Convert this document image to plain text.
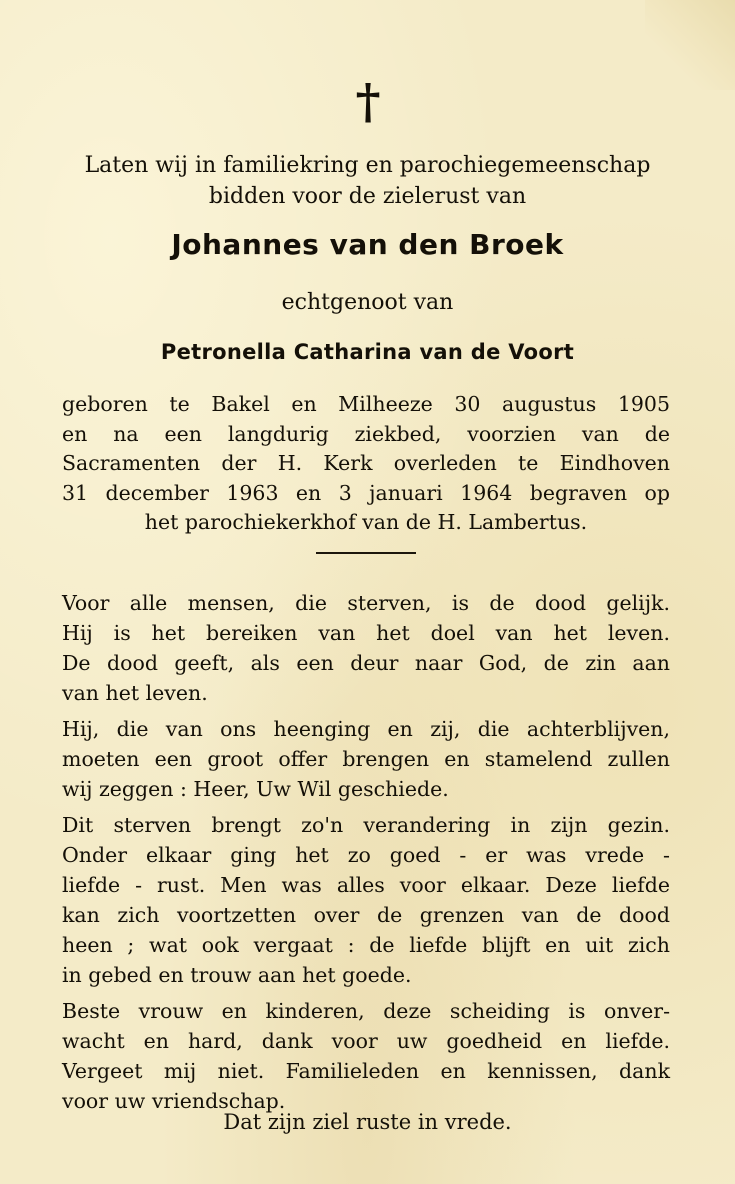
†
Laten wij in familiekring en parochiegemeenschap
bidden voor de zielerust van
Johannes van den Broek
echtgenoot van
Petronella Catharina van de Voort
geboren te Bakel en Milheeze 30 augustus 1905
en na een langdurig ziekbed, voorzien van de
Sacramenten der H. Kerk overleden te Eindhoven
31 december 1963 en 3 januari 1964 begraven op
het parochiekerkhof van de H. Lambertus.
Voor alle mensen, die sterven, is de dood gelijk.
Hij is het bereiken van het doel van het leven.
De dood geeft, als een deur naar God, de zin aan
van het leven.
Hij, die van ons heenging en zij, die achterblijven,
moeten een groot offer brengen en stamelend zullen
wij zeggen : Heer, Uw Wil geschiede.
Dit sterven brengt zo'n verandering in zijn gezin.
Onder elkaar ging het zo goed - er was vrede -
liefde - rust. Men was alles voor elkaar. Deze liefde
kan zich voortzetten over de grenzen van de dood
heen ; wat ook vergaat : de liefde blijft en uit zich
in gebed en trouw aan het goede.
Beste vrouw en kinderen, deze scheiding is onver-
wacht en hard, dank voor uw goedheid en liefde.
Vergeet mij niet. Familieleden en kennissen, dank
voor uw vriendschap.
Dat zijn ziel ruste in vrede.
